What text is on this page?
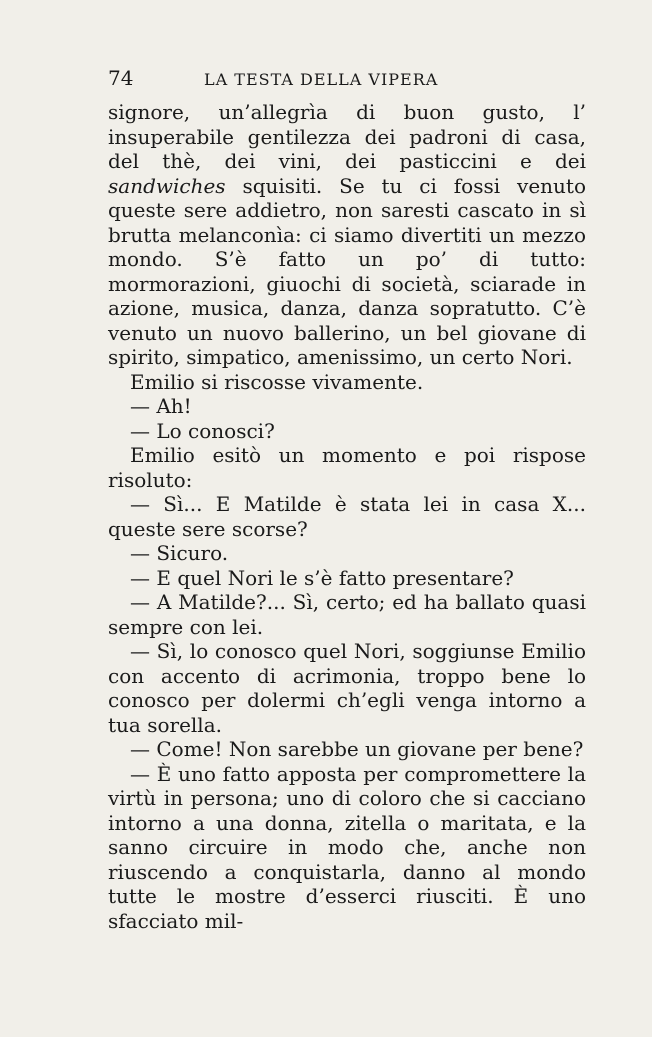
74	LA TESTA DELLA VIPERA

signore, un’allegrìa di buon gusto, l’ insuperabile gentilezza dei padroni di casa, del thè, dei vini, dei pasticcini e dei sandwiches squisiti. Se tu ci fossi venuto queste sere addietro, non saresti cascato in sì brutta melanconìa: ci siamo divertiti un mezzo mondo. S’è fatto un po’ di tutto: mormorazioni, giuochi di società, sciarade in azione, musica, danza, danza sopratutto. C’è venuto un nuovo ballerino, un bel giovane di spirito, simpatico, amenissimo, un certo Nori.

Emilio si riscosse vivamente.

— Ah!

— Lo conosci?

Emilio esitò un momento e poi rispose risoluto:

— Sì... E Matilde è stata lei in casa X... queste sere scorse?

— Sicuro.

— E quel Nori le s’è fatto presentare?

— A Matilde?... Sì, certo; ed ha ballato quasi sempre con lei.

— Sì, lo conosco quel Nori, soggiunse Emilio con accento di acrimonia, troppo bene lo conosco per dolermi ch’egli venga intorno a tua sorella.

— Come! Non sarebbe un giovane per bene?

— È uno fatto apposta per compromettere la virtù in persona; uno di coloro che si cacciano intorno a una donna, zitella o maritata, e la sanno circuire in modo che, anche non riuscendo a conquistarla, danno al mondo tutte le mostre d’esserci riusciti. È uno sfacciato mil-
